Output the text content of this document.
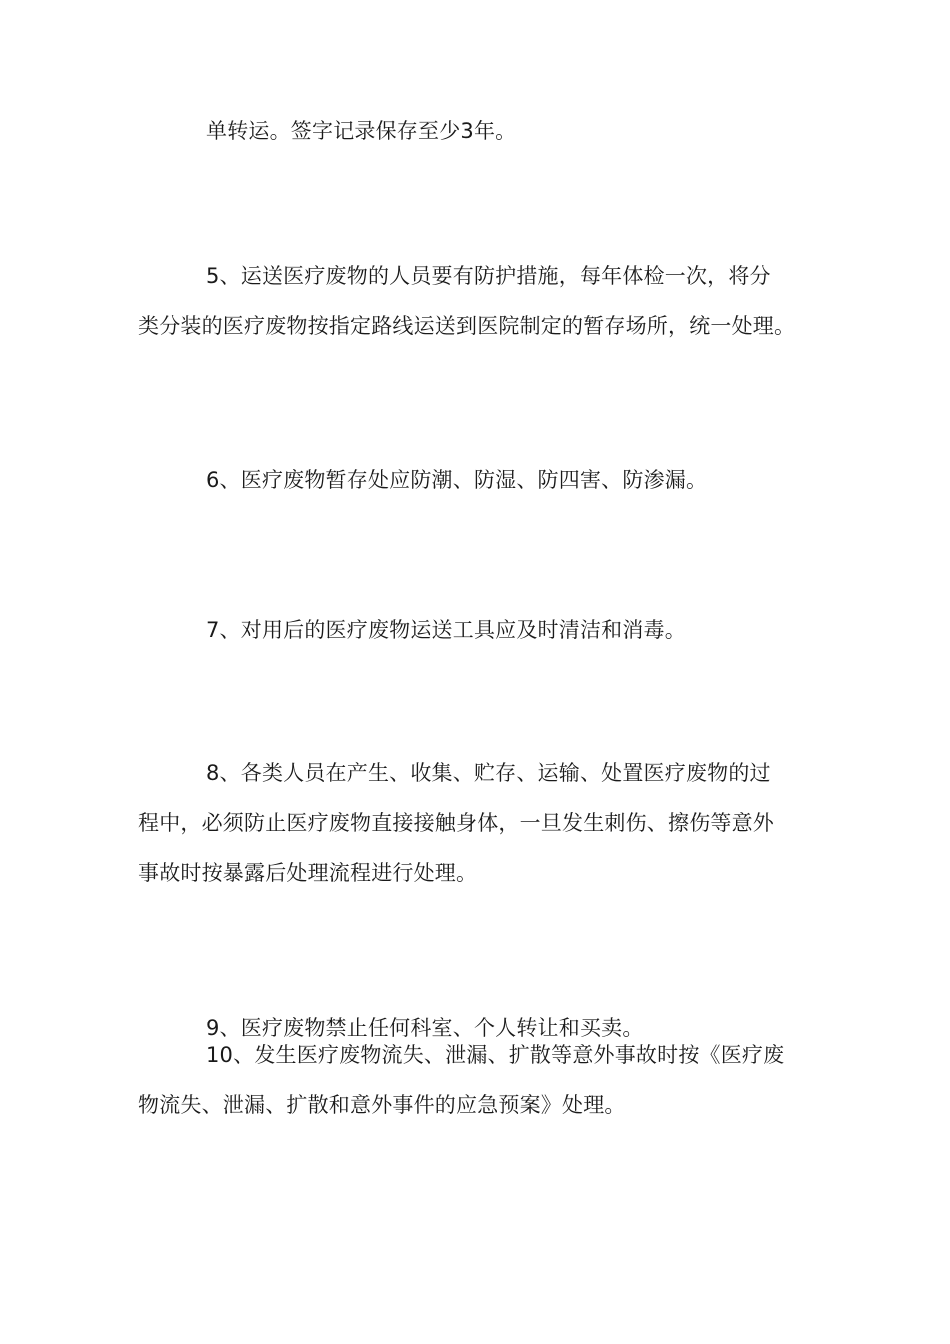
单转运。签字记录保存至少3年。
5、运送医疗废物的人员要有防护措施，每年体检一次，将分
类分装的医疗废物按指定路线运送到医院制定的暂存场所，统一处理。
6、医疗废物暂存处应防潮、防湿、防四害、防渗漏。
7、对用后的医疗废物运送工具应及时清洁和消毒。
8、各类人员在产生、收集、贮存、运输、处置医疗废物的过
程中，必须防止医疗废物直接接触身体，一旦发生刺伤、擦伤等意外
事故时按暴露后处理流程进行处理。
9、医疗废物禁止任何科室、个人转让和买卖。
10、发生医疗废物流失、泄漏、扩散等意外事故时按《医疗废
物流失、泄漏、扩散和意外事件的应急预案》处理。
